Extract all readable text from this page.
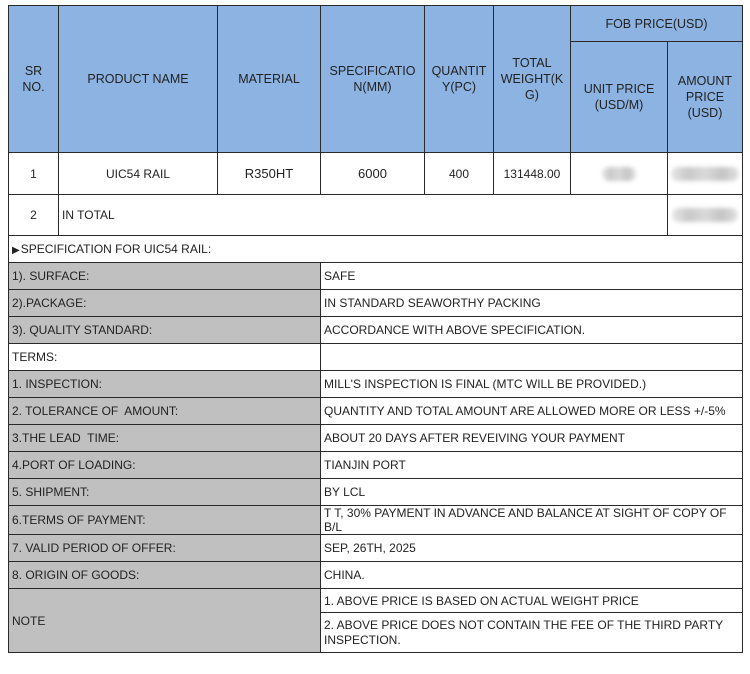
SR NO.	PRODUCT NAME	MATERIAL	SPECIFICATIO N(MM)	QUANTIT Y(PC)	TOTAL WEIGHT(K G)	FOB PRICE(USD)	
						UNIT PRICE (USD/M)	AMOUNT PRICE (USD)
1	UIC54 RAIL	R350HT	6000	400	131448.00		
2	IN TOTAL						
▶SPECIFICATION FOR UIC54 RAIL:							
1). SURFACE:			SAFE				
2).PACKAGE:			IN STANDARD SEAWORTHY PACKING				
3). QUALITY STANDARD:			ACCORDANCE WITH ABOVE SPECIFICATION.				
TERMS:							
1. INSPECTION:			MILL'S INSPECTION IS FINAL (MTC WILL BE PROVIDED.)				
2. TOLERANCE OF  AMOUNT:			QUANTITY AND TOTAL AMOUNT ARE ALLOWED MORE OR LESS +/-5%				
3.THE LEAD  TIME:			ABOUT 20 DAYS AFTER REVEIVING YOUR PAYMENT				
4.PORT OF LOADING:			TIANJIN PORT				
5. SHIPMENT:			BY LCL				
6.TERMS OF PAYMENT:			T T, 30% PAYMENT IN ADVANCE AND BALANCE AT SIGHT OF COPY OF B/L				
7. VALID PERIOD OF OFFER:			SEP, 26TH, 2025				
8. ORIGIN OF GOODS:			CHINA.				
NOTE			1. ABOVE PRICE IS BASED ON ACTUAL WEIGHT PRICE				
			2. ABOVE PRICE DOES NOT CONTAIN THE FEE OF THE THIRD PARTY INSPECTION.				
